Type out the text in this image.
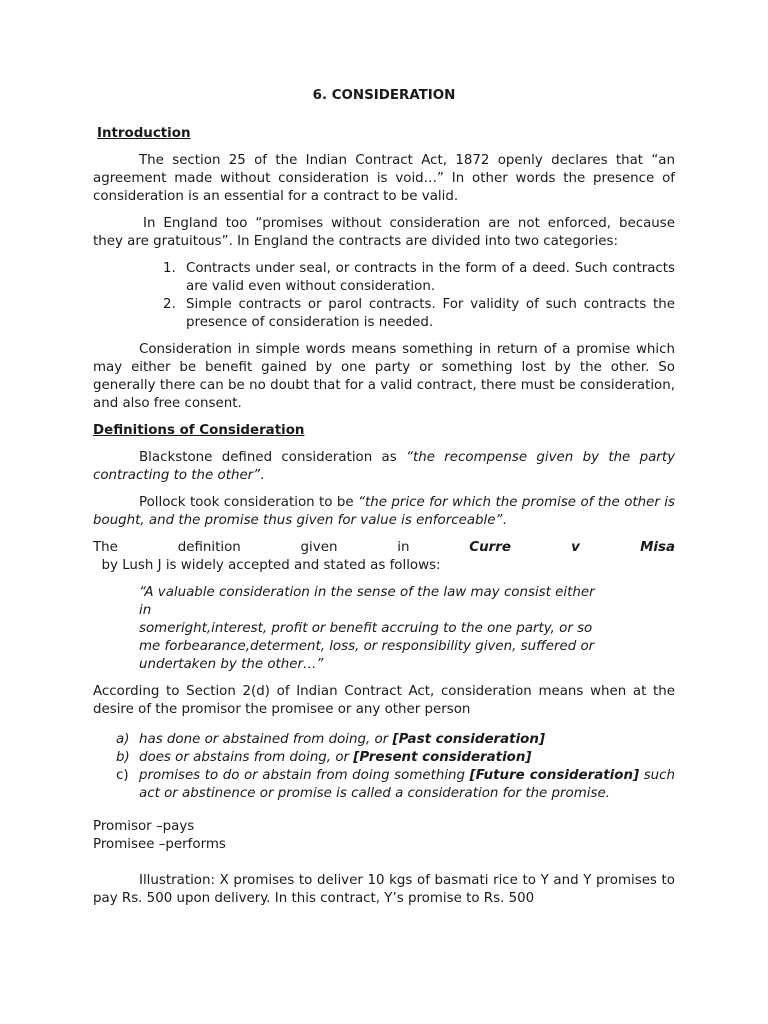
6. CONSIDERATION
Introduction

The section 25 of the Indian Contract Act, 1872 openly declares that “an agreement made without consideration is void…” In other words the presence of consideration is an essential for a contract to be valid.

In England too “promises without consideration are not enforced, because they are gratuitous”. In England the contracts are divided into two categories:

1. Contracts under seal, or contracts in the form of a deed. Such contracts are valid even without consideration.
2. Simple contracts or parol contracts. For validity of such contracts the presence of consideration is needed.

Consideration in simple words means something in return of a promise which may either be benefit gained by one party or something lost by the other. So generally there can be no doubt that for a valid contract, there must be consideration, and also free consent.

Definitions of Consideration

Blackstone defined consideration as “the recompense given by the party contracting to the other”.

Pollock took consideration to be “the price for which the promise of the other is bought, and the promise thus given for value is enforceable”.

The definition given in Curre v Misa  by Lush J is widely accepted and stated as follows:

“A valuable consideration in the sense of the law may consist either
in
someright,interest, profit or benefit accruing to the one party, or so
me forbearance,determent, loss, or responsibility given, suffered or
undertaken by the other…”

According to Section 2(d) of Indian Contract Act, consideration means when at the desire of the promisor the promisee or any other person

a) has done or abstained from doing, or [Past consideration]
b) does or abstains from doing, or [Present consideration]
c) promises to do or abstain from doing something [Future consideration] such act or abstinence or promise is called a consideration for the promise.
Promisor –pays
Promisee –performs

Illustration: X promises to deliver 10 kgs of basmati rice to Y and Y promises to pay Rs. 500 upon delivery. In this contract, Y’s promise to Rs. 500
